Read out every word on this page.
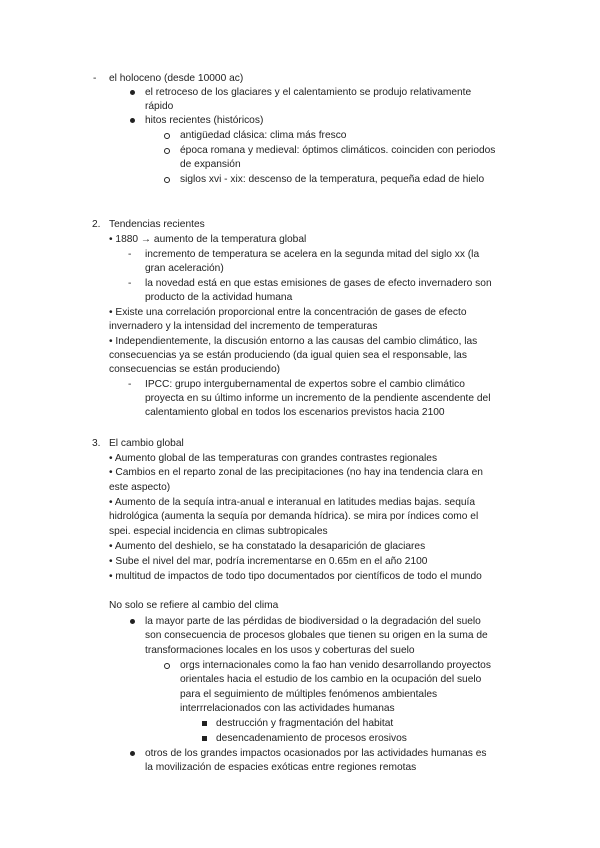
- el holoceno (desde 10000 ac)
el retroceso de los glaciares y el calentamiento se produjo relativamente
rápido
hitos recientes (históricos)
antigüedad clásica: clima más fresco
época romana y medieval: óptimos climáticos. coinciden con periodos
de expansión
siglos xvi - xix: descenso de la temperatura, pequeña edad de hielo
2. Tendencias recientes
• 1880 → aumento de la temperatura global
- incremento de temperatura se acelera en la segunda mitad del siglo xx (la
gran aceleración)
- la novedad está en que estas emisiones de gases de efecto invernadero son
producto de la actividad humana
• Existe una correlación proporcional entre la concentración de gases de efecto
invernadero y la intensidad del incremento de temperaturas
• Independientemente, la discusión entorno a las causas del cambio climático, las
consecuencias ya se están produciendo (da igual quien sea el responsable, las
consecuencias se están produciendo)
- IPCC: grupo intergubernamental de expertos sobre el cambio climático
proyecta en su último informe un incremento de la pendiente ascendente del
calentamiento global en todos los escenarios previstos hacia 2100
3. El cambio global
• Aumento global de las temperaturas con grandes contrastes regionales
• Cambios en el reparto zonal de las precipitaciones (no hay ina tendencia clara en
este aspecto)
• Aumento de la sequía intra-anual e interanual en latitudes medias bajas. sequía
hidrológica (aumenta la sequía por demanda hídrica). se mira por índices como el
spei. especial incidencia en climas subtropicales
• Aumento del deshielo, se ha constatado la desaparición de glaciares
• Sube el nivel del mar, podría incrementarse en 0.65m en el año 2100
• multitud de impactos de todo tipo documentados por científicos de todo el mundo
No solo se refiere al cambio del clima
la mayor parte de las pérdidas de biodiversidad o la degradación del suelo
son consecuencia de procesos globales que tienen su origen en la suma de
transformaciones locales en los usos y coberturas del suelo
orgs internacionales como la fao han venido desarrollando proyectos
orientales hacia el estudio de los cambio en la ocupación del suelo
para el seguimiento de múltiples fenómenos ambientales
interrrelacionados con las actividades humanas
destrucción y fragmentación del habitat
desencadenamiento de procesos erosivos
otros de los grandes impactos ocasionados por las actividades humanas es
la movilización de espacies exóticas entre regiones remotas
